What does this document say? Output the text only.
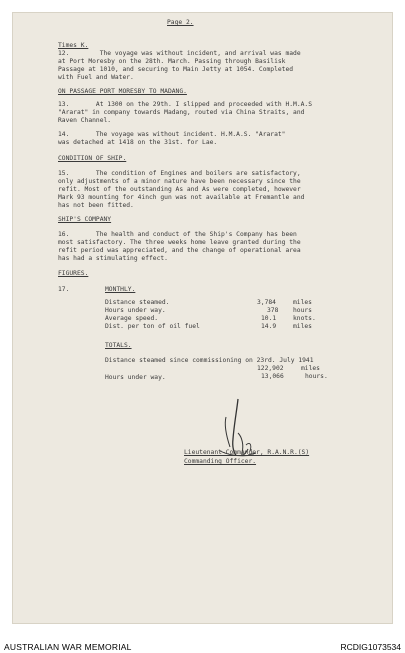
Page 2.
Times K.
12.        The voyage was without incident, and arrival was made
at Port Moresby on the 28th. March. Passing through Basilisk
Passage at 1010, and securing to Main Jetty at 1054. Completed
with Fuel and Water.
ON PASSAGE PORT MORESBY TO MADANG.
13.       At 1300 on the 29th. I slipped and proceeded with H.M.A.S
"Ararat" in company towards Madang, routed via China Straits, and
Raven Channel.
14.       The voyage was without incident. H.M.A.S. "Ararat"
was detached at 1418 on the 31st. for Lae.
CONDITION OF SHIP.
15.       The condition of Engines and boilers are satisfactory,
only adjustments of a minor nature have been necessary since the
refit. Most of the outstanding As and As were completed, however
Mark 93 mounting for 4inch gun was not available at Fremantle and
has not been fitted.
SHIP'S COMPANY
16.       The health and conduct of the Ship's Company has been
most satisfactory. The three weeks home leave granted during the
refit period was appreciated, and the change of operational area
has had a stimulating effect.
FIGURES.
17.	MONTHLY.
Distance steamed.	3,784	miles
Hours under way.	378 hours
Average speed.	10.1	knots.
Dist. per ton of oil fuel	14.9	miles
TOTALS.
Distance steamed since commissioning on 23rd. July 1941
122,902	miles
Hours under way.	13,066	hours.
Lieutenant-Commander, R.A.N.R.(S)
Commanding Officer.
AUSTRALIAN WAR MEMORIAL	RCDIG1073534
